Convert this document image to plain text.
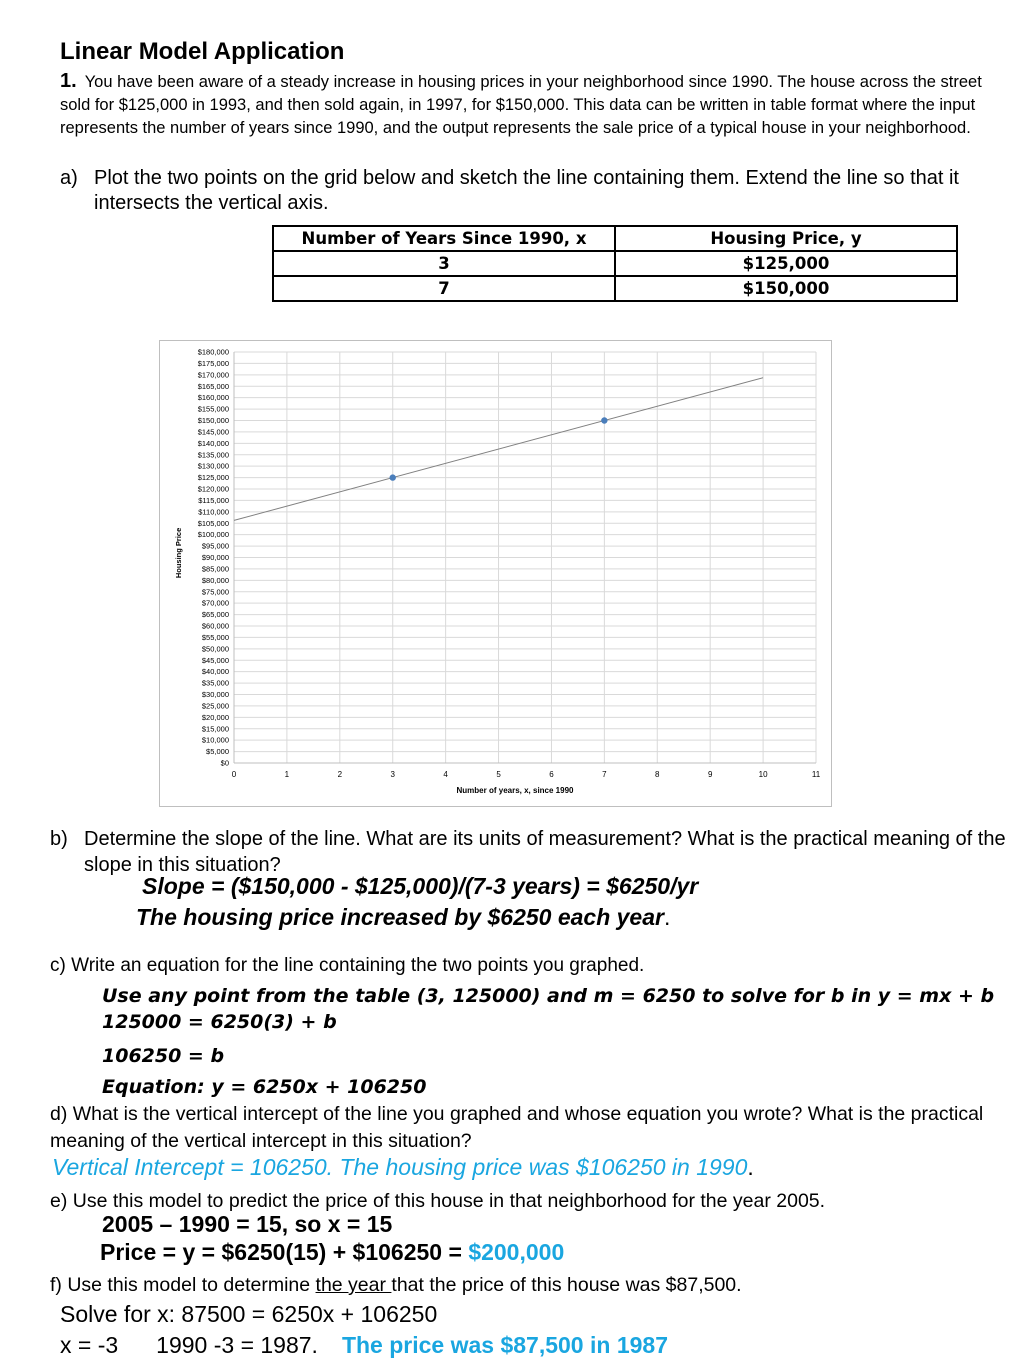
Linear Model Application
1. You have been aware of a steady increase in housing prices in your neighborhood since 1990. The house across the street sold for $125,000 in 1993, and then sold again, in 1997, for $150,000. This data can be written in table format where the input represents the number of years since 1990, and the output represents the sale price of a typical house in your neighborhood.
a) Plot the two points on the grid below and sketch the line containing them. Extend the line so that it intersects the vertical axis.
Number of Years Since 1990, x	Housing Price, y
3	$125,000
7	$150,000
$0
$5,000
$10,000
$15,000
$20,000
$25,000
$30,000
$35,000
$40,000
$45,000
$50,000
$55,000
$60,000
$65,000
$70,000
$75,000
$80,000
$85,000
$90,000
$95,000
$100,000
$105,000
$110,000
$115,000
$120,000
$125,000
$130,000
$135,000
$140,000
$145,000
$150,000
$155,000
$160,000
$165,000
$170,000
$175,000
$180,000
0	1	2	3	4	5	6	7	8	9	10	11
Number of years, x, since 1990
Housing Price
b) Determine the slope of the line. What are its units of measurement? What is the practical meaning of the slope in this situation?
Slope = ($150,000 - $125,000)/(7-3 years) = $6250/yr
The housing price increased by $6250 each year.
c) Write an equation for the line containing the two points you graphed.
Use any point from the table (3, 125000) and m = 6250 to solve for b in y = mx + b
125000 = 6250(3) + b
106250 = b
Equation: y = 6250x + 106250
d) What is the vertical intercept of the line you graphed and whose equation you wrote? What is the practical meaning of the vertical intercept in this situation?
Vertical Intercept = 106250. The housing price was $106250 in 1990.
e) Use this model to predict the price of this house in that neighborhood for the year 2005.
2005 – 1990 = 15, so x = 15
Price = y = $6250(15) + $106250 = $200,000
f) Use this model to determine the year that the price of this house was $87,500.
Solve for x: 87500 = 6250x + 106250
x = -3 1990 -3 = 1987. The price was $87,500 in 1987
